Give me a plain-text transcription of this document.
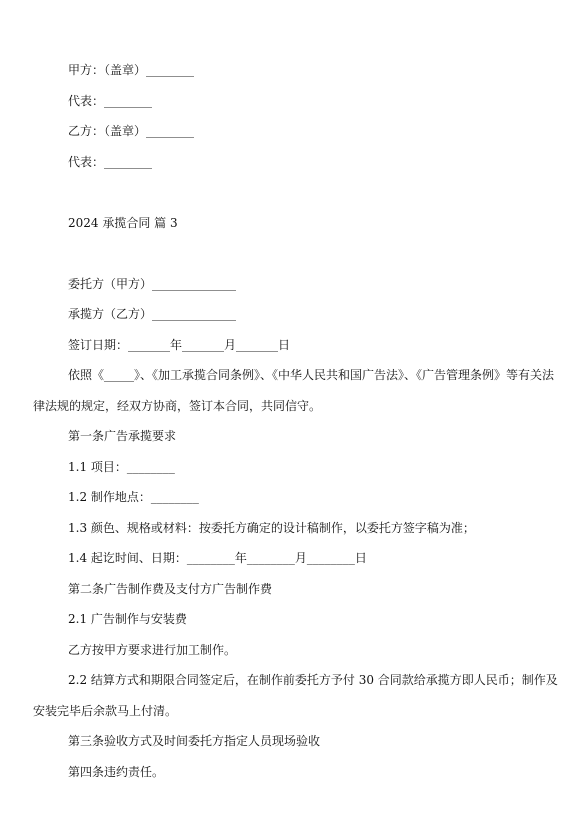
甲方：（盖章）________
代表：________
乙方：（盖章）________
代表：________
2024 承揽合同 篇 3
委托方（甲方）______________
承揽方（乙方）______________
签订日期：_______年_______月_______日
依照《_____》、《加工承揽合同条例》、《中华人民共和国广告法》、《广告管理条例》等有关法
律法规的规定，经双方协商，签订本合同，共同信守。
第一条广告承揽要求
1.1 项目：________
1.2 制作地点：________
1.3 颜色、规格或材料：按委托方确定的设计稿制作，以委托方签字稿为准；
1.4 起讫时间、日期：________年________月________日
第二条广告制作费及支付方广告制作费
2.1 广告制作与安装费
乙方按甲方要求进行加工制作。
2.2 结算方式和期限合同签定后，在制作前委托方予付 30 合同款给承揽方即人民币；制作及
安装完毕后余款马上付清。
第三条验收方式及时间委托方指定人员现场验收
第四条违约责任。
